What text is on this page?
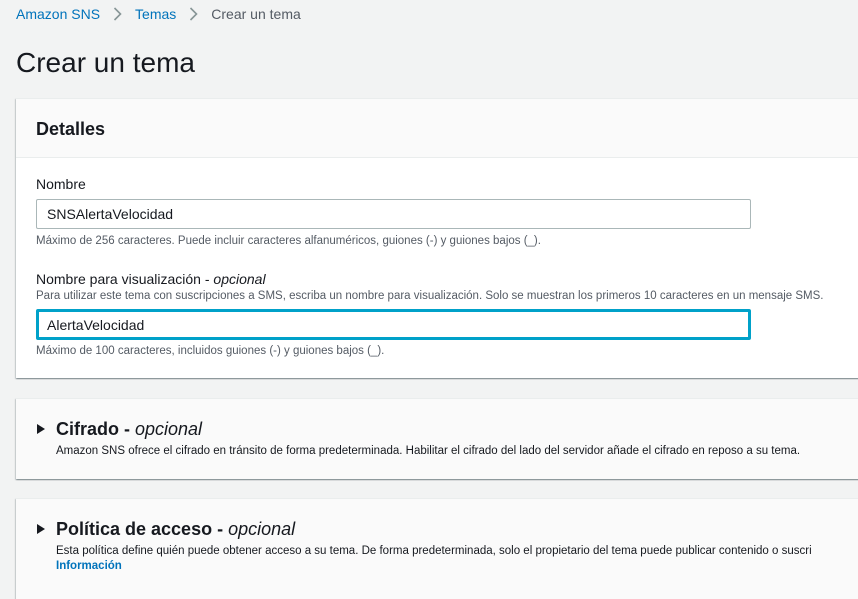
Amazon SNS	Temas	Crear un tema
Crear un tema
Detalles
Nombre
SNSAlertaVelocidad
Máximo de 256 caracteres. Puede incluir caracteres alfanuméricos, guiones (-) y guiones bajos (_).
Nombre para visualización - opcional
Para utilizar este tema con suscripciones a SMS, escriba un nombre para visualización. Solo se muestran los primeros 10 caracteres en un mensaje SMS.
AlertaVelocidad
Máximo de 100 caracteres, incluidos guiones (-) y guiones bajos (_).
Cifrado - opcional
Amazon SNS ofrece el cifrado en tránsito de forma predeterminada. Habilitar el cifrado del lado del servidor añade el cifrado en reposo a su tema.
Política de acceso - opcional
Esta política define quién puede obtener acceso a su tema. De forma predeterminada, solo el propietario del tema puede publicar contenido o suscri
Información
